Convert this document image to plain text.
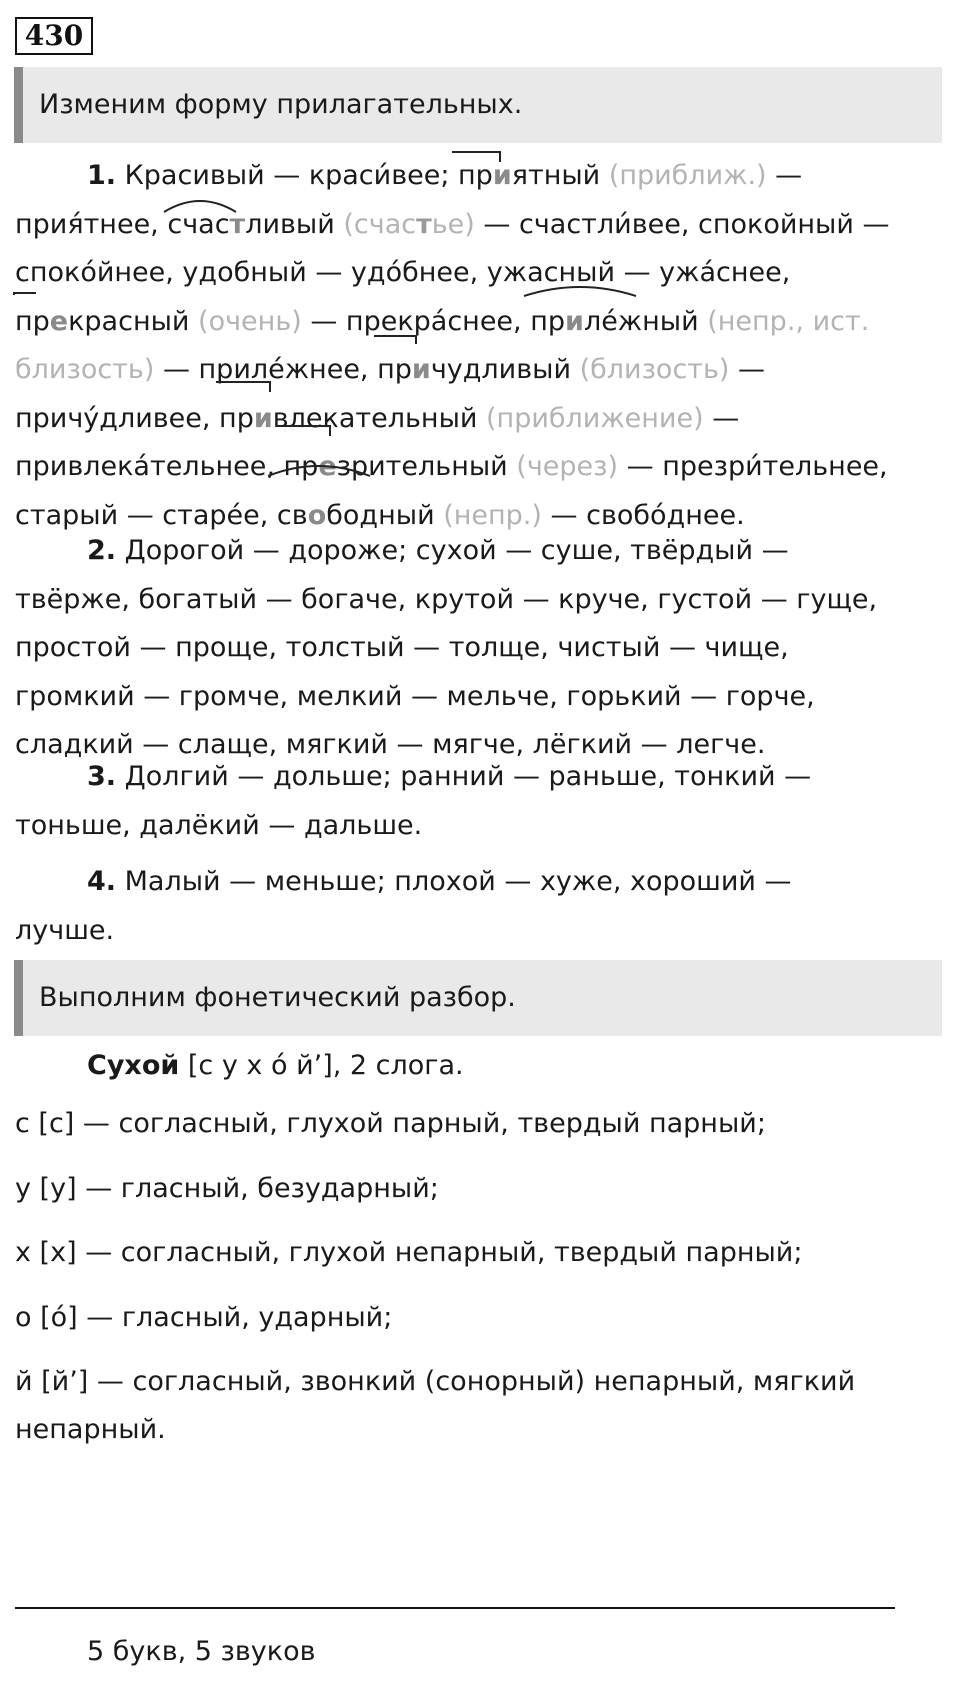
430
Изменим форму прилагательных.
1. Красивый — краси́вее; приятный (приближ.) —
прия́тнее, счастливый (счастье) — счастли́вее, спокойный —
споко́йнее, удобный — удо́бнее, ужасный — ужа́снее,
прекрасный (очень) — прекра́снее, приле́жный (непр., ист.
близость) — приле́жнее, причудливый (близость) —
причу́дливее, привлекательный (приближение) —
привлека́тельнее, презрительный (через) — презри́тельнее,
старый — старе́е, свободный (непр.) — свобо́днее.
2. Дорогой — дороже; сухой — суше, твёрдый —
твёрже, богатый — богаче, крутой — круче, густой — гуще,
простой — проще, толстый — толще, чистый — чище,
громкий — громче, мелкий — мельче, горький — горче,
сладкий — слаще, мягкий — мягче, лёгкий — легче.
3. Долгий — дольше; ранний — раньше, тонкий —
тоньше, далёкий — дальше.
4. Малый — меньше; плохой — хуже, хороший —
лучше.
Выполним фонетический разбор.
Сухой [с у х о́ й’], 2 слога.
с [с] — согласный, глухой парный, твердый парный;
у [у] — гласный, безударный;
х [х] — согласный, глухой непарный, твердый парный;
о [о́] — гласный, ударный;
й [й’] — согласный, звонкий (сонорный) непарный, мягкий
непарный.
5 букв, 5 звуков
